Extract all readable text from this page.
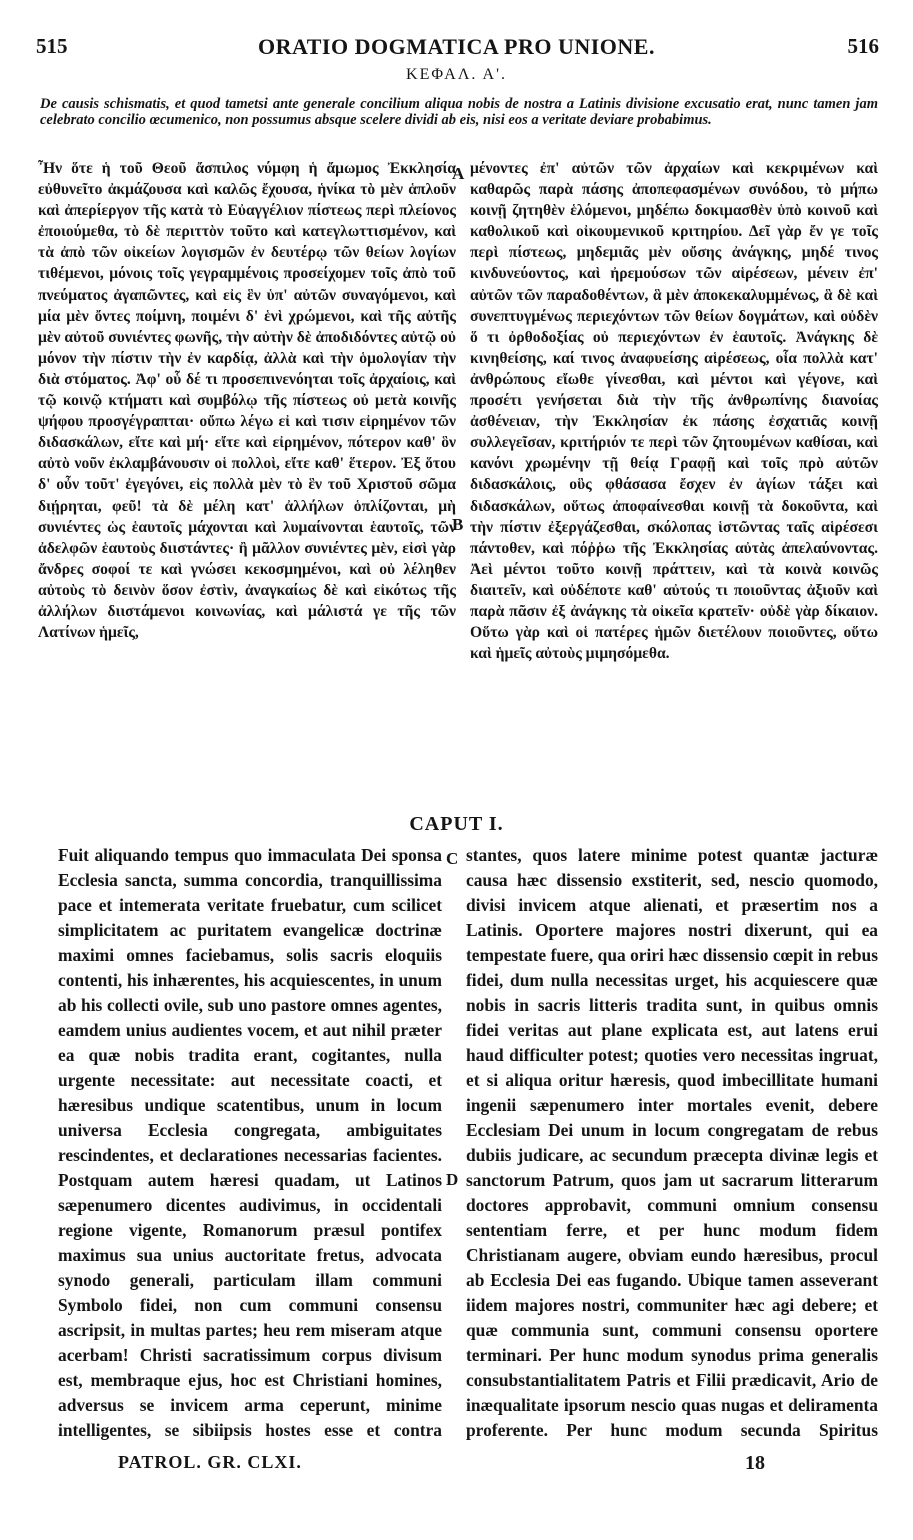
515	ORATIO DOGMATICA PRO UNIONE.	516
ΚΕΦΑΛ. Α'.
De causis schismatis, et quod tametsi ante generale concilium aliqua nobis de nostra a Latinis divisione excusatio erat, nunc tamen jam celebrato concilio œcumenico, non possumus absque scelere dividi ab eis, nisi eos a veritate deviare probabimus.

Ἦν ὅτε ἡ τοῦ Θεοῦ ἄσπιλος νύμφη ἡ ἄμωμος Ἐκκλησία εὐθυνεῖτο ἀκμάζουσα καὶ καλῶς ἔχουσα, ἡνίκα τὸ μὲν ἁπλοῦν καὶ ἀπερίεργον τῆς κατὰ τὸ Εὐαγγέλιον πίστεως περὶ πλείονος ἐποιούμεθα, τὸ δὲ περιττὸν τοῦτο καὶ κατεγλωττισμένον, καὶ τὰ ἀπὸ τῶν οἰκείων λογισμῶν ἐν δευτέρῳ τῶν θείων λογίων τιθέμενοι, μόνοις τοῖς γεγραμμένοις προσείχομεν τοῖς ἀπὸ τοῦ πνεύματος ἀγαπῶντες, καὶ εἰς ἓν ὑπ' αὐτῶν συναγόμενοι, καὶ μία μὲν ὄντες ποίμνη, ποιμένι δ' ἑνὶ χρώμενοι, καὶ τῆς αὐτῆς μὲν αὐτοῦ συνιέντες φωνῆς, τὴν αὐτὴν δὲ ἀποδιδόντες αὐτῷ οὐ μόνον τὴν πίστιν τὴν ἐν καρδίᾳ, ἀλλὰ καὶ τὴν ὁμολογίαν τὴν διὰ στόματος. Ἀφ' οὗ δέ τι προσεπινενόηται τοῖς ἀρχαίοις, καὶ τῷ κοινῷ κτήματι καὶ συμβόλῳ τῆς πίστεως οὐ μετὰ κοινῆς ψήφου προσγέγραπται· οὔπω λέγω εἰ καὶ τισιν εἰρημένον τῶν διδασκάλων, εἴτε καὶ μή· εἴτε καὶ εἰρημένον, πότερον καθ' ὃν αὐτὸ νοῦν ἐκλαμβάνουσιν οἱ πολλοὶ, εἴτε καθ' ἕτερον. Ἐξ ὅτου δ' οὖν τοῦτ' ἐγεγόνει, εἰς πολλὰ μὲν τὸ ἓν τοῦ Χριστοῦ σῶμα διῄρηται, φεῦ! τὰ δὲ μέλη κατ' ἀλλήλων ὁπλίζονται, μὴ συνιέντες ὡς ἑαυτοῖς μάχονται καὶ λυμαίνονται ἑαυτοῖς, τῶν ἀδελφῶν ἑαυτοὺς διιστάντες· ἢ μᾶλλον συνιέντες μὲν, εἰσὶ γὰρ ἄνδρες σοφοί τε καὶ γνώσει κεκοσμημένοι, καὶ οὐ λέληθεν αὐτοὺς τὸ δεινὸν ὅσον ἐστὶν, ἀναγκαίως δὲ καὶ εἰκότως τῆς ἀλλήλων διιστάμενοι κοινωνίας, καὶ μάλιστά γε τῆς τῶν Λατίνων ἡμεῖς,

μένοντες ἐπ' αὐτῶν τῶν ἀρχαίων καὶ κεκριμένων καὶ καθαρῶς παρὰ πάσης ἀποπεφασμένων συνόδου, τὸ μήπω κοινῇ ζητηθὲν ἑλόμενοι, μηδέπω δοκιμασθὲν ὑπὸ κοινοῦ καὶ καθολικοῦ καὶ οἰκουμενικοῦ κριτηρίου. Δεῖ γὰρ ἔν γε τοῖς περὶ πίστεως, μηδεμιᾶς μὲν οὔσης ἀνάγκης, μηδέ τινος κινδυνεύοντος, καὶ ἠρεμούσων τῶν αἱρέσεων, μένειν ἐπ' αὐτῶν τῶν παραδοθέντων, ἃ μὲν ἀποκεκαλυμμένως, ἃ δὲ καὶ συνεπτυγμένως περιεχόντων τῶν θείων δογμάτων, καὶ οὐδὲν ὅ τι ὀρθοδοξίας οὐ περιεχόντων ἐν ἑαυτοῖς. Ἀνάγκης δὲ κινηθείσης, καί τινος ἀναφυείσης αἱρέσεως, οἷα πολλὰ κατ' ἀνθρώπους εἴωθε γίνεσθαι, καὶ μέντοι καὶ γέγονε, καὶ προσέτι γενήσεται διὰ τὴν τῆς ἀνθρωπίνης διανοίας ἀσθένειαν, τὴν Ἐκκλησίαν ἐκ πάσης ἐσχατιᾶς κοινῇ συλλεγεῖσαν, κριτήριόν τε περὶ τῶν ζητουμένων καθίσαι, καὶ κανόνι χρωμένην τῇ θείᾳ Γραφῇ καὶ τοῖς πρὸ αὐτῶν διδασκάλοις, οὓς φθάσασα ἔσχεν ἐν ἁγίων τάξει καὶ διδασκάλων, οὕτως ἀποφαίνεσθαι κοινῇ τὰ δοκοῦντα, καὶ τὴν πίστιν ἐξεργάζεσθαι, σκόλοπας ἱστῶντας ταῖς αἱρέσεσι πάντοθεν, καὶ πόῤῥω τῆς Ἐκκλησίας αὐτὰς ἀπελαύνοντας. Ἀεὶ μέντοι τοῦτο κοινῇ πράττειν, καὶ τὰ κοινὰ κοινῶς διαιτεῖν, καὶ οὐδέποτε καθ' αὐτούς τι ποιοῦντας ἀξιοῦν καὶ παρὰ πᾶσιν ἐξ ἀνάγκης τὰ οἰκεῖα κρατεῖν· οὐδὲ γὰρ δίκαιον. Οὕτω γὰρ καὶ οἱ πατέρες ἡμῶν διετέλουν ποιοῦντες, οὕτω καὶ ἡμεῖς αὐτοὺς μιμησόμεθα.

A
B
CAPUT I.

Fuit aliquando tempus quo immaculata Dei sponsa Ecclesia sancta, summa concordia, tranquillissima pace et intemerata veritate fruebatur, cum scilicet simplicitatem ac puritatem evangelicæ doctrinæ maximi omnes faciebamus, solis sacris eloquiis contenti, his inhærentes, his acquiescentes, in unum ab his collecti ovile, sub uno pastore omnes agentes, eamdem unius audientes vocem, et aut nihil præter ea quæ nobis tradita erant, cogitantes, nulla urgente necessitate: aut necessitate coacti, et hæresibus undique scatentibus, unum in locum universa Ecclesia congregata, ambiguitates rescindentes, et declarationes necessarias facientes. Postquam autem hæresi quadam, ut Latinos sæpenumero dicentes audivimus, in occidentali regione vigente, Romanorum præsul pontifex maximus sua unius auctoritate fretus, advocata synodo generali, particulam illam communi Symbolo fidei, non cum communi consensu ascripsit, in multas partes; heu rem miseram atque acerbam! Christi sacratissimum corpus divisum est, membraque ejus, hoc est Christiani homines, adversus se invicem arma ceperunt, minime intelligentes, se sibiipsis hostes esse et contra

stantes, quos latere minime potest quantæ jacturæ causa hæc dissensio exstiterit, sed, nescio quomodo, divisi invicem atque alienati, et præsertim nos a Latinis. Oportere majores nostri dixerunt, qui ea tempestate fuere, qua oriri hæc dissensio cœpit in rebus fidei, dum nulla necessitas urget, his acquiescere quæ nobis in sacris litteris tradita sunt, in quibus omnis fidei veritas aut plane explicata est, aut latens erui haud difficulter potest; quoties vero necessitas ingruat, et si aliqua oritur hæresis, quod imbecillitate humani ingenii sæpenumero inter mortales evenit, debere Ecclesiam Dei unum in locum congregatam de rebus dubiis judicare, ac secundum præcepta divinæ legis et sanctorum Patrum, quos jam ut sacrarum litterarum doctores approbavit, communi omnium consensu sententiam ferre, et per hunc modum fidem Christianam augere, obviam eundo hæresibus, procul ab Ecclesia Dei eas fugando. Ubique tamen asseverant iidem majores nostri, communiter hæc agi debere; et quæ communia sunt, communi consensu oportere terminari. Per hunc modum synodus prima generalis consubstantialitatem Patris et Filii prædicavit, Ario de inæqualitate ipsorum nescio quas nugas et deliramenta proferente. Per hunc modum secunda Spiritus

C
D
PATROL. GR. CLXI.	18
